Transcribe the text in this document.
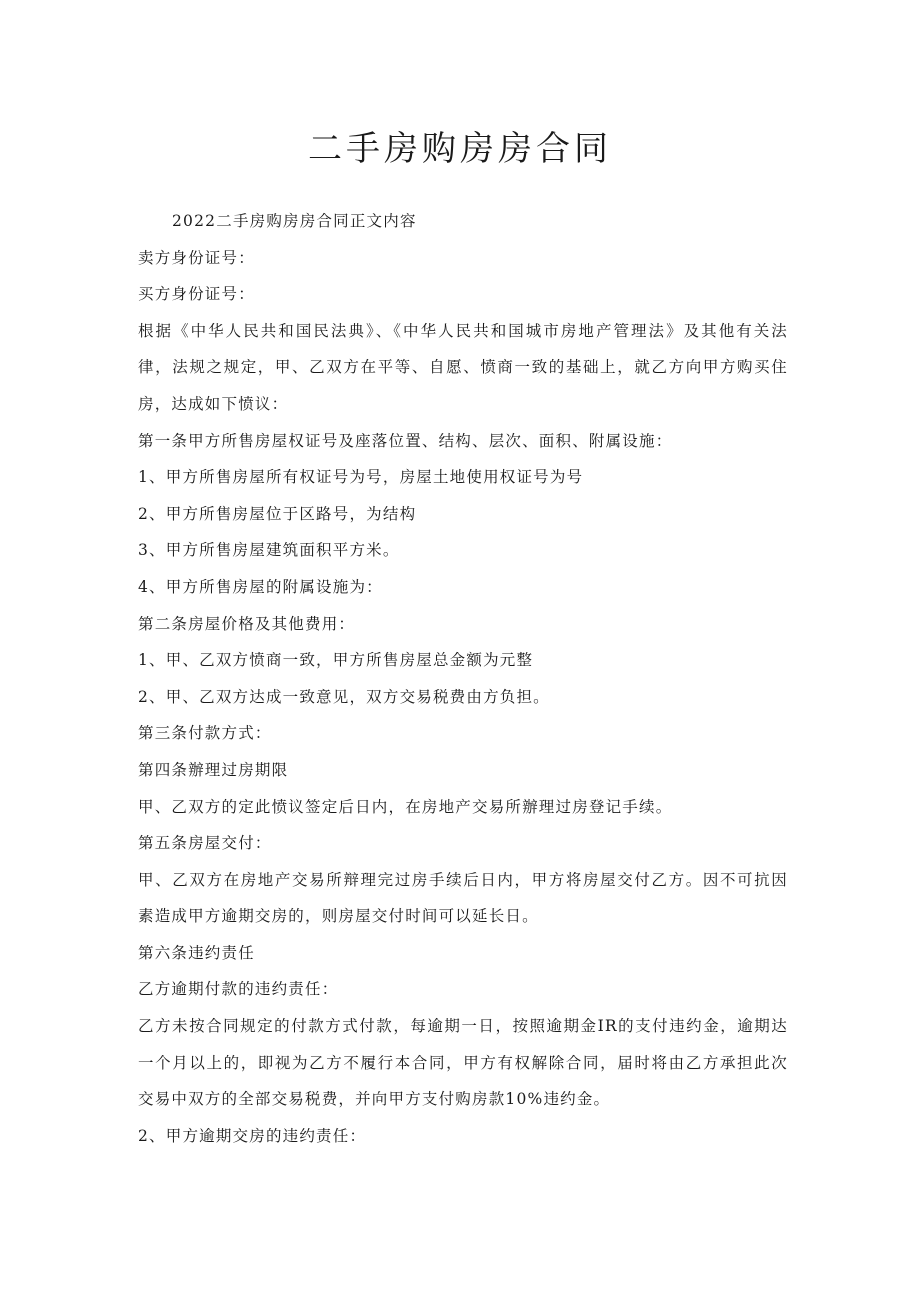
二手房购房房合同

2022二手房购房房合同正文内容

卖方身份证号：

买方身份证号：

根据《中华人民共和国民法典》、《中华人民共和国城市房地产管理法》及其他有关法律，法规之规定，甲、乙双方在平等、自愿、愤商一致的基础上，就乙方向甲方购买住房，达成如下愤议：

第一条甲方所售房屋权证号及座落位置、结构、层次、面积、附属设施：

1、甲方所售房屋所有权证号为号，房屋土地使用权证号为号

2、甲方所售房屋位于区路号，为结构

3、甲方所售房屋建筑面积平方米。

4、甲方所售房屋的附属设施为：

第二条房屋价格及其他费用：

1、甲、乙双方愤商一致，甲方所售房屋总金额为元整

2、甲、乙双方达成一致意见，双方交易税费由方负担。

第三条付款方式：

第四条辦理过房期限

甲、乙双方的定此愤议签定后日内，在房地产交易所辦理过房登记手续。

第五条房屋交付：

甲、乙双方在房地产交易所辩理完过房手续后日内，甲方将房屋交付乙方。因不可抗因素造成甲方逾期交房的，则房屋交付时间可以延长日。

第六条违约责任

乙方逾期付款的违约责任：

乙方未按合同规定的付款方式付款，每逾期一日，按照逾期金IR的支付违约金，逾期达一个月以上的，即视为乙方不履行本合同，甲方有权解除合同，届时将由乙方承担此次交易中双方的全部交易税费，并向甲方支付购房款10%违约金。

2、甲方逾期交房的违约责任：
